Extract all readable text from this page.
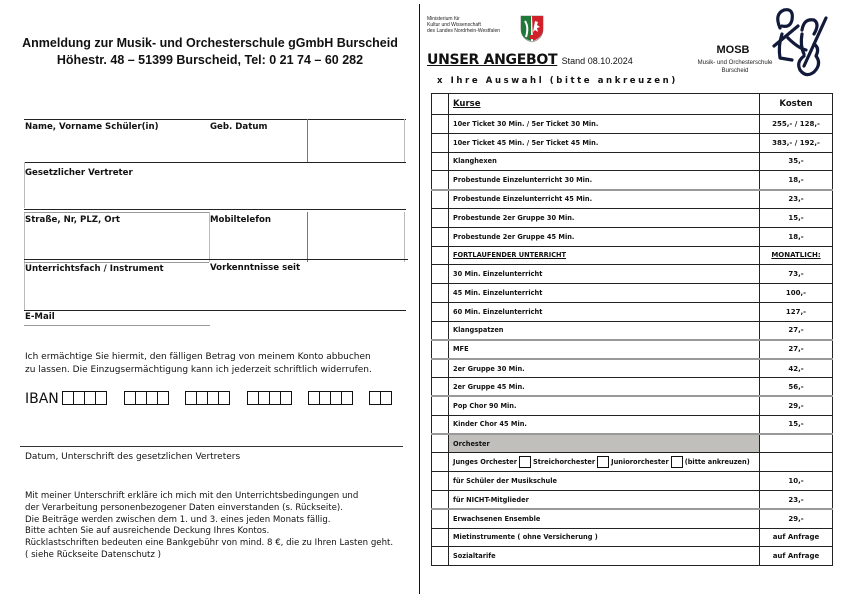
Anmeldung zur Musik- und Orchesterschule gGmbH Burscheid
Höhestr. 48 – 51399 Burscheid, Tel: 0 21 74 – 60 282
Name, Vorname Schüler(in)	Geb. Datum
Gesetzlicher Vertreter
Straße, Nr, PLZ, Ort	Mobiltelefon
Unterrichtsfach / Instrument	Vorkenntnisse seit
E-Mail
Ich ermächtige Sie hiermit, den fälligen Betrag von meinem Konto abbuchen
zu lassen. Die Einzugsermächtigung kann ich jederzeit schriftlich widerrufen.
IBAN
Datum, Unterschrift des gesetzlichen Vertreters
Mit meiner Unterschrift erkläre ich mich mit den Unterrichtsbedingungen und
der Verarbeitung personenbezogener Daten einverstanden (s. Rückseite).
Die Beiträge werden zwischen dem 1. und 3. eines jeden Monats fällig.
Bitte achten Sie auf ausreichende Deckung Ihres Kontos.
Rücklastschriften bedeuten eine Bankgebühr von mind. 8 €, die zu Ihren Lasten geht.
( siehe Rückseite Datenschutz )
Ministerium für
Kultur und Wissenschaft
des Landes Nordrhein-Westfalen
UNSER ANGEBOT Stand 08.10.2024
x Ihre Auswahl (bitte ankreuzen)
MOSB
Musik- und Orchesterschule
Burscheid
	Kurse	Kosten
	10er Ticket 30 Min. / 5er Ticket 30 Min.	255,- / 128,-
	10er Ticket 45 Min. / 5er Ticket 45 Min.	383,- / 192,-
	Klanghexen	35,-
	Probestunde Einzelunterricht 30 Min.	18,-
	Probestunde Einzelunterricht 45 Min.	23,-
	Probestunde 2er Gruppe 30 Min.	15,-
	Probestunde 2er Gruppe 45 Min.	18,-
	FORTLAUFENDER UNTERRICHT	MONATLICH:
	30 Min. Einzelunterricht	73,-
	45 Min. Einzelunterricht	100,-
	60 Min. Einzelunterricht	127,-
	Klangspatzen	27,-
	MFE	27,-
	2er Gruppe 30 Min.	42,-
	2er Gruppe 45 Min.	56,-
	Pop Chor 90 Min.	29,-
	Kinder Chor 45 Min.	15,-
	Orchester	
	Junges Orchester Streichorchester Juniororchester (bitte ankreuzen)	
	für Schüler der Musikschule	10,-
	für NICHT-Mitglieder	23,-
	Erwachsenen Ensemble	29,-
	Mietinstrumente ( ohne Versicherung )	auf Anfrage
	Sozialtarife	auf Anfrage
